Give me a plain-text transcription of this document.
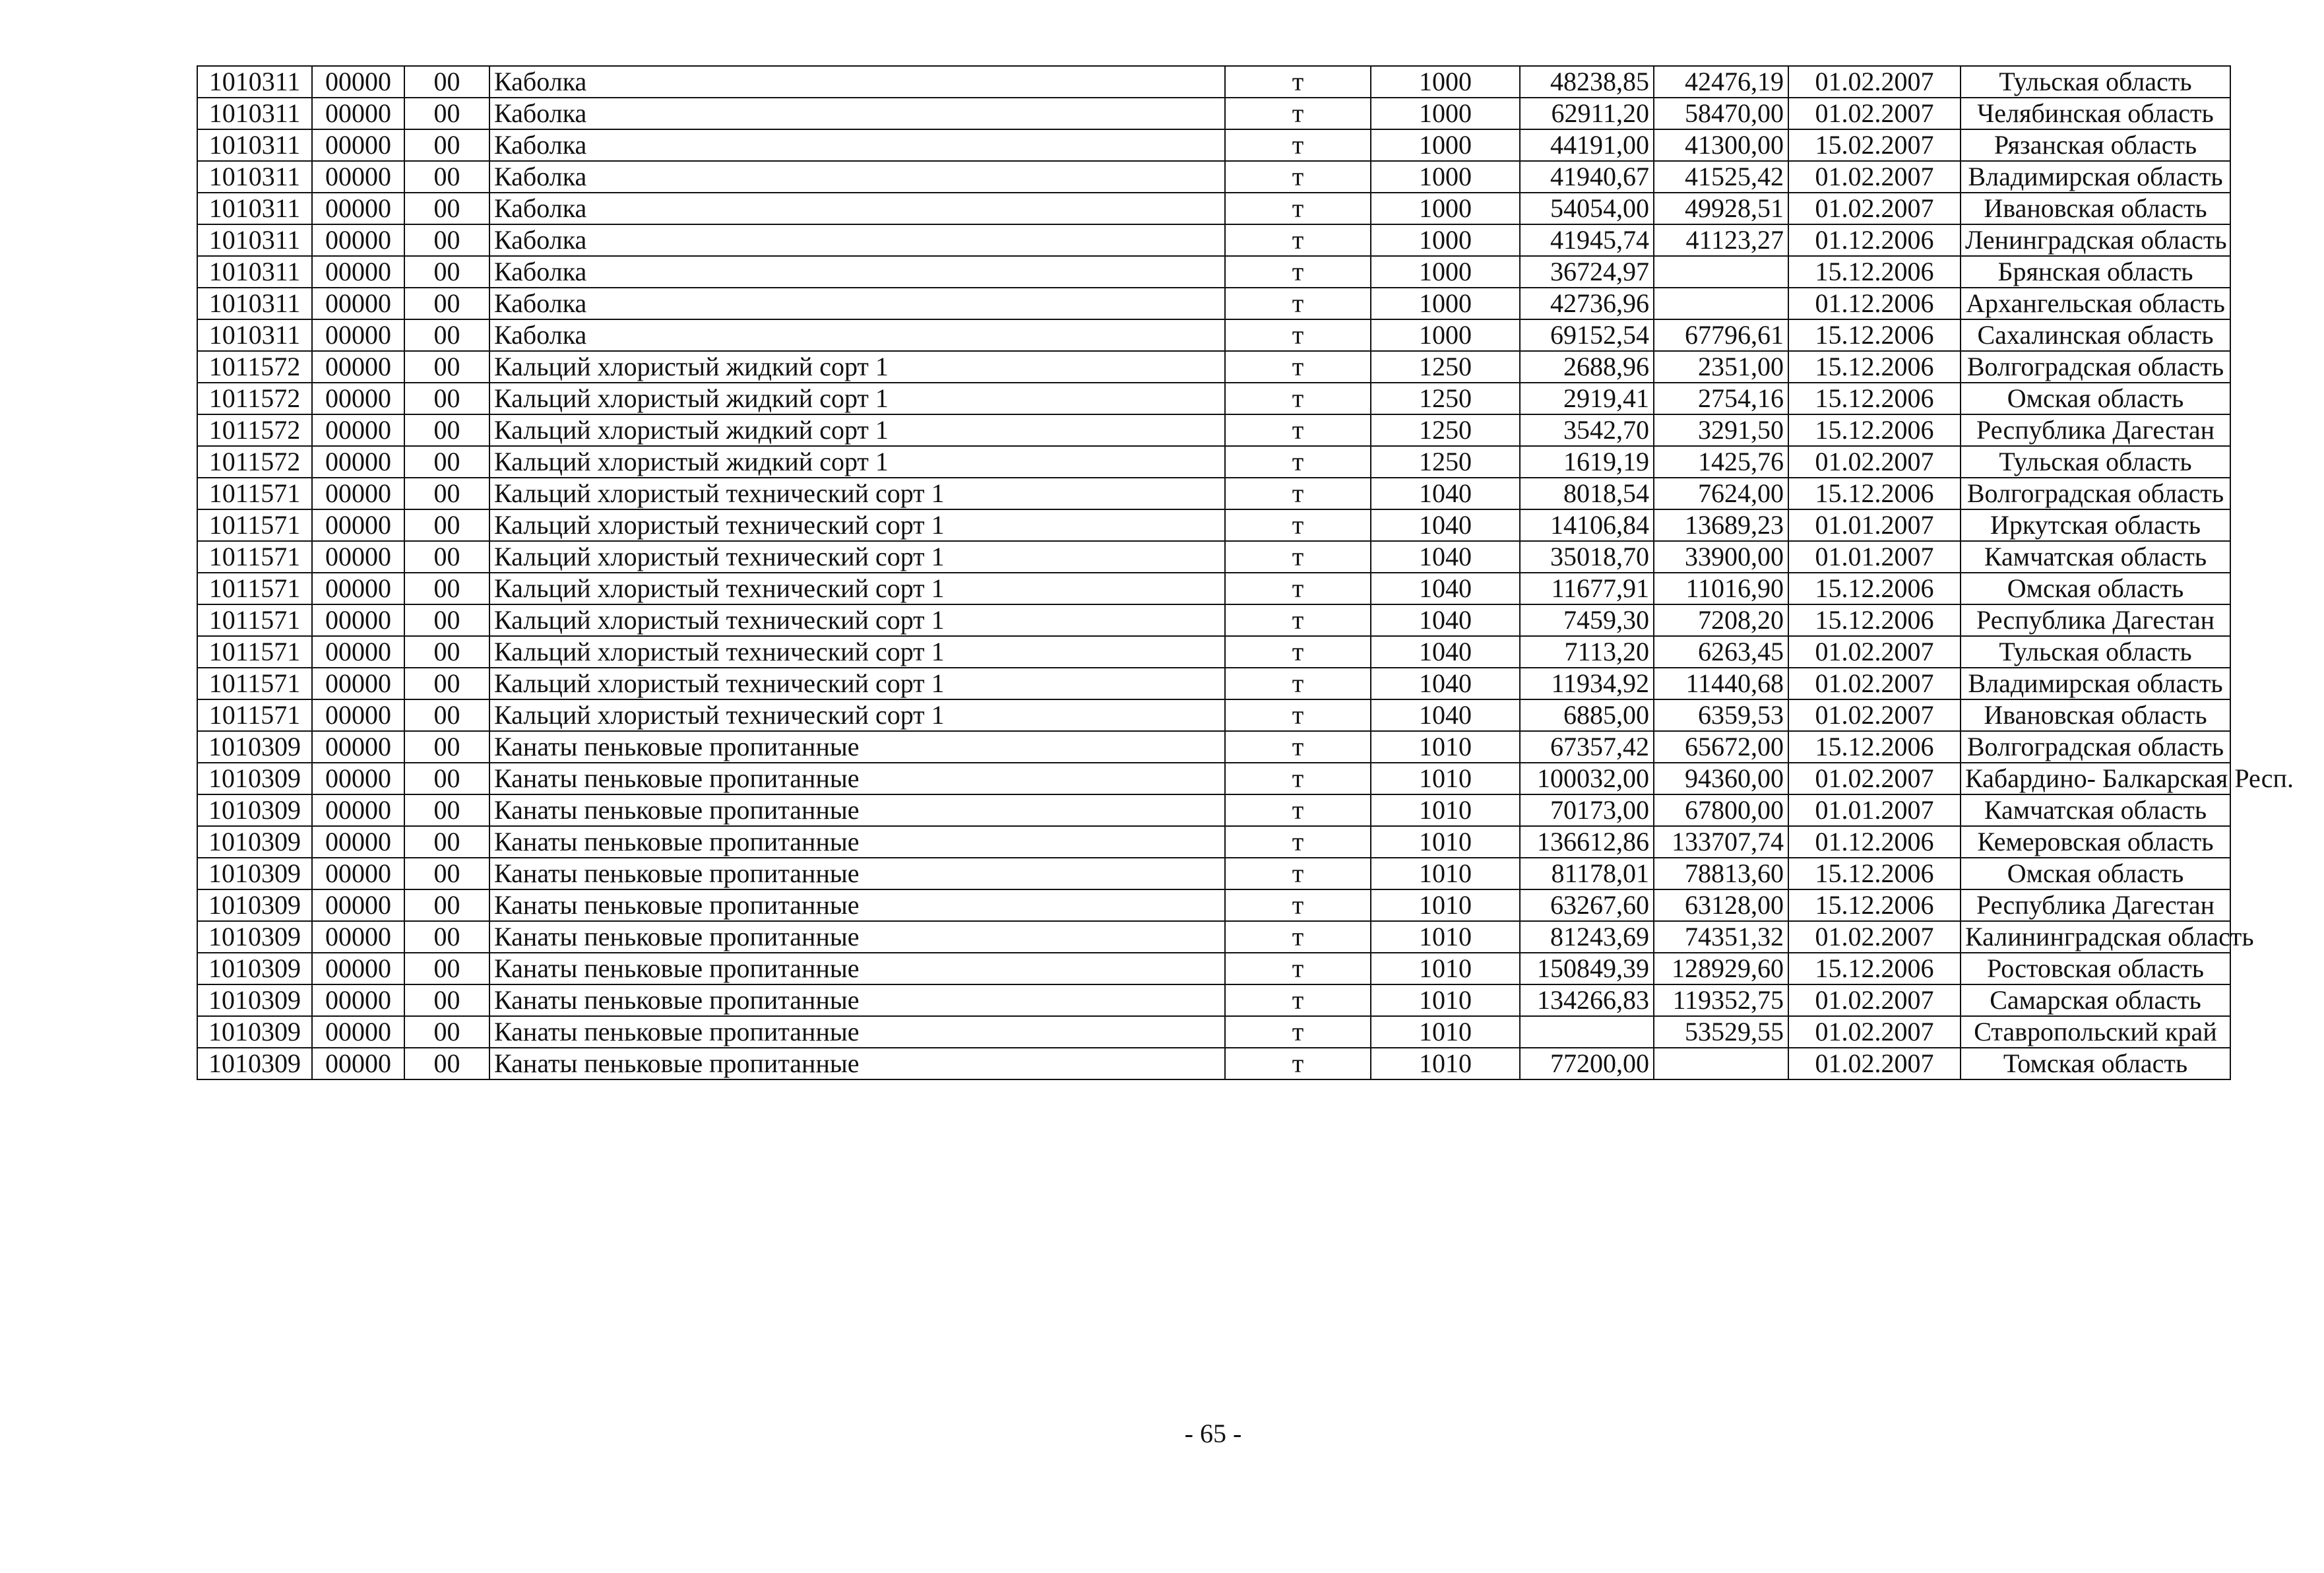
1010311	00000	00	Каболка	т	1000	48238,85	42476,19	01.02.2007	Тульская область
1010311	00000	00	Каболка	т	1000	62911,20	58470,00	01.02.2007	Челябинская область
1010311	00000	00	Каболка	т	1000	44191,00	41300,00	15.02.2007	Рязанская область
1010311	00000	00	Каболка	т	1000	41940,67	41525,42	01.02.2007	Владимирская область
1010311	00000	00	Каболка	т	1000	54054,00	49928,51	01.02.2007	Ивановская область
1010311	00000	00	Каболка	т	1000	41945,74	41123,27	01.12.2006	Ленинградская область
1010311	00000	00	Каболка	т	1000	36724,97		15.12.2006	Брянская область
1010311	00000	00	Каболка	т	1000	42736,96		01.12.2006	Архангельская область
1010311	00000	00	Каболка	т	1000	69152,54	67796,61	15.12.2006	Сахалинская область
1011572	00000	00	Кальций хлористый жидкий сорт 1	т	1250	2688,96	2351,00	15.12.2006	Волгоградская область
1011572	00000	00	Кальций хлористый жидкий сорт 1	т	1250	2919,41	2754,16	15.12.2006	Омская область
1011572	00000	00	Кальций хлористый жидкий сорт 1	т	1250	3542,70	3291,50	15.12.2006	Республика Дагестан
1011572	00000	00	Кальций хлористый жидкий сорт 1	т	1250	1619,19	1425,76	01.02.2007	Тульская область
1011571	00000	00	Кальций хлористый технический сорт 1	т	1040	8018,54	7624,00	15.12.2006	Волгоградская область
1011571	00000	00	Кальций хлористый технический сорт 1	т	1040	14106,84	13689,23	01.01.2007	Иркутская область
1011571	00000	00	Кальций хлористый технический сорт 1	т	1040	35018,70	33900,00	01.01.2007	Камчатская область
1011571	00000	00	Кальций хлористый технический сорт 1	т	1040	11677,91	11016,90	15.12.2006	Омская область
1011571	00000	00	Кальций хлористый технический сорт 1	т	1040	7459,30	7208,20	15.12.2006	Республика Дагестан
1011571	00000	00	Кальций хлористый технический сорт 1	т	1040	7113,20	6263,45	01.02.2007	Тульская область
1011571	00000	00	Кальций хлористый технический сорт 1	т	1040	11934,92	11440,68	01.02.2007	Владимирская область
1011571	00000	00	Кальций хлористый технический сорт 1	т	1040	6885,00	6359,53	01.02.2007	Ивановская область
1010309	00000	00	Канаты пеньковые пропитанные	т	1010	67357,42	65672,00	15.12.2006	Волгоградская область
1010309	00000	00	Канаты пеньковые пропитанные	т	1010	100032,00	94360,00	01.02.2007	Кабардино- Балкарская Респ.
1010309	00000	00	Канаты пеньковые пропитанные	т	1010	70173,00	67800,00	01.01.2007	Камчатская область
1010309	00000	00	Канаты пеньковые пропитанные	т	1010	136612,86	133707,74	01.12.2006	Кемеровская область
1010309	00000	00	Канаты пеньковые пропитанные	т	1010	81178,01	78813,60	15.12.2006	Омская область
1010309	00000	00	Канаты пеньковые пропитанные	т	1010	63267,60	63128,00	15.12.2006	Республика Дагестан
1010309	00000	00	Канаты пеньковые пропитанные	т	1010	81243,69	74351,32	01.02.2007	Калининградская область
1010309	00000	00	Канаты пеньковые пропитанные	т	1010	150849,39	128929,60	15.12.2006	Ростовская область
1010309	00000	00	Канаты пеньковые пропитанные	т	1010	134266,83	119352,75	01.02.2007	Самарская область
1010309	00000	00	Канаты пеньковые пропитанные	т	1010		53529,55	01.02.2007	Ставропольский край
1010309	00000	00	Канаты пеньковые пропитанные	т	1010	77200,00		01.02.2007	Томская область
- 65 -
